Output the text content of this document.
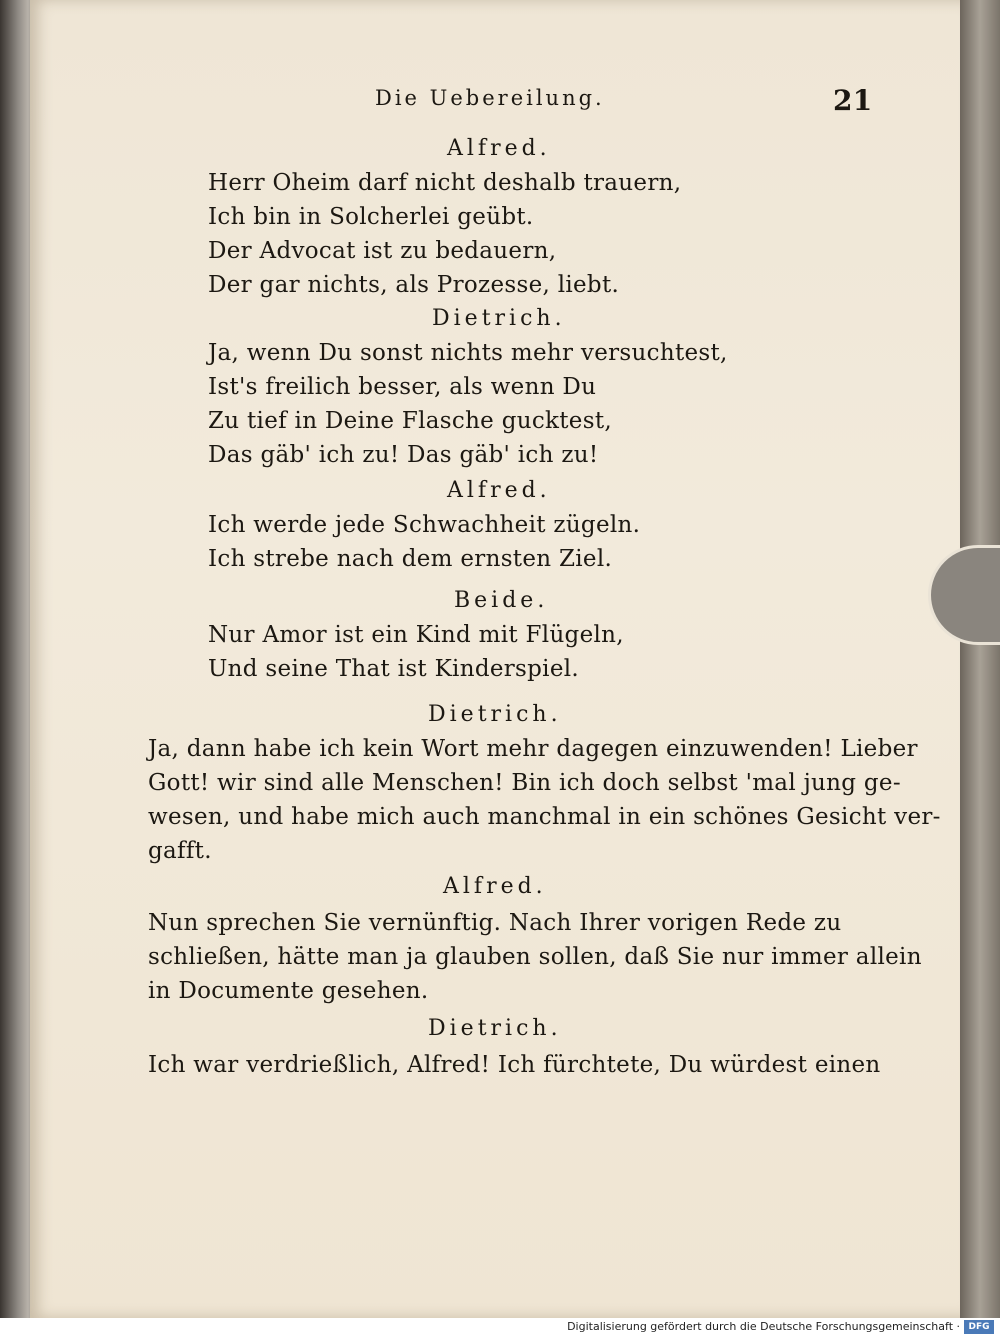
Die Uebereilung.	21
Alfred.
Herr Oheim darf nicht deshalb trauern,
Ich bin in Solcherlei geübt.
Der Advocat ist zu bedauern,
Der gar nichts, als Prozesse, liebt.
Dietrich.
Ja, wenn Du sonst nichts mehr versuchtest,
Ist's freilich besser, als wenn Du
Zu tief in Deine Flasche gucktest,
Das gäb' ich zu! Das gäb' ich zu!
Alfred.
Ich werde jede Schwachheit zügeln.
Ich strebe nach dem ernsten Ziel.
Beide.
Nur Amor ist ein Kind mit Flügeln,
Und seine That ist Kinderspiel.
Dietrich.
Ja, dann habe ich kein Wort mehr dagegen einzuwenden! Lieber
Gott! wir sind alle Menschen! Bin ich doch selbst 'mal jung ge-
wesen, und habe mich auch manchmal in ein schönes Gesicht ver-
gafft.
Alfred.
Nun sprechen Sie vernünftig. Nach Ihrer vorigen Rede zu
schließen, hätte man ja glauben sollen, daß Sie nur immer allein
in Documente gesehen.
Dietrich.
Ich war verdrießlich, Alfred! Ich fürchtete, Du würdest einen
Digitalisierung gefördert durch die Deutsche Forschungsgemeinschaft · DFG
